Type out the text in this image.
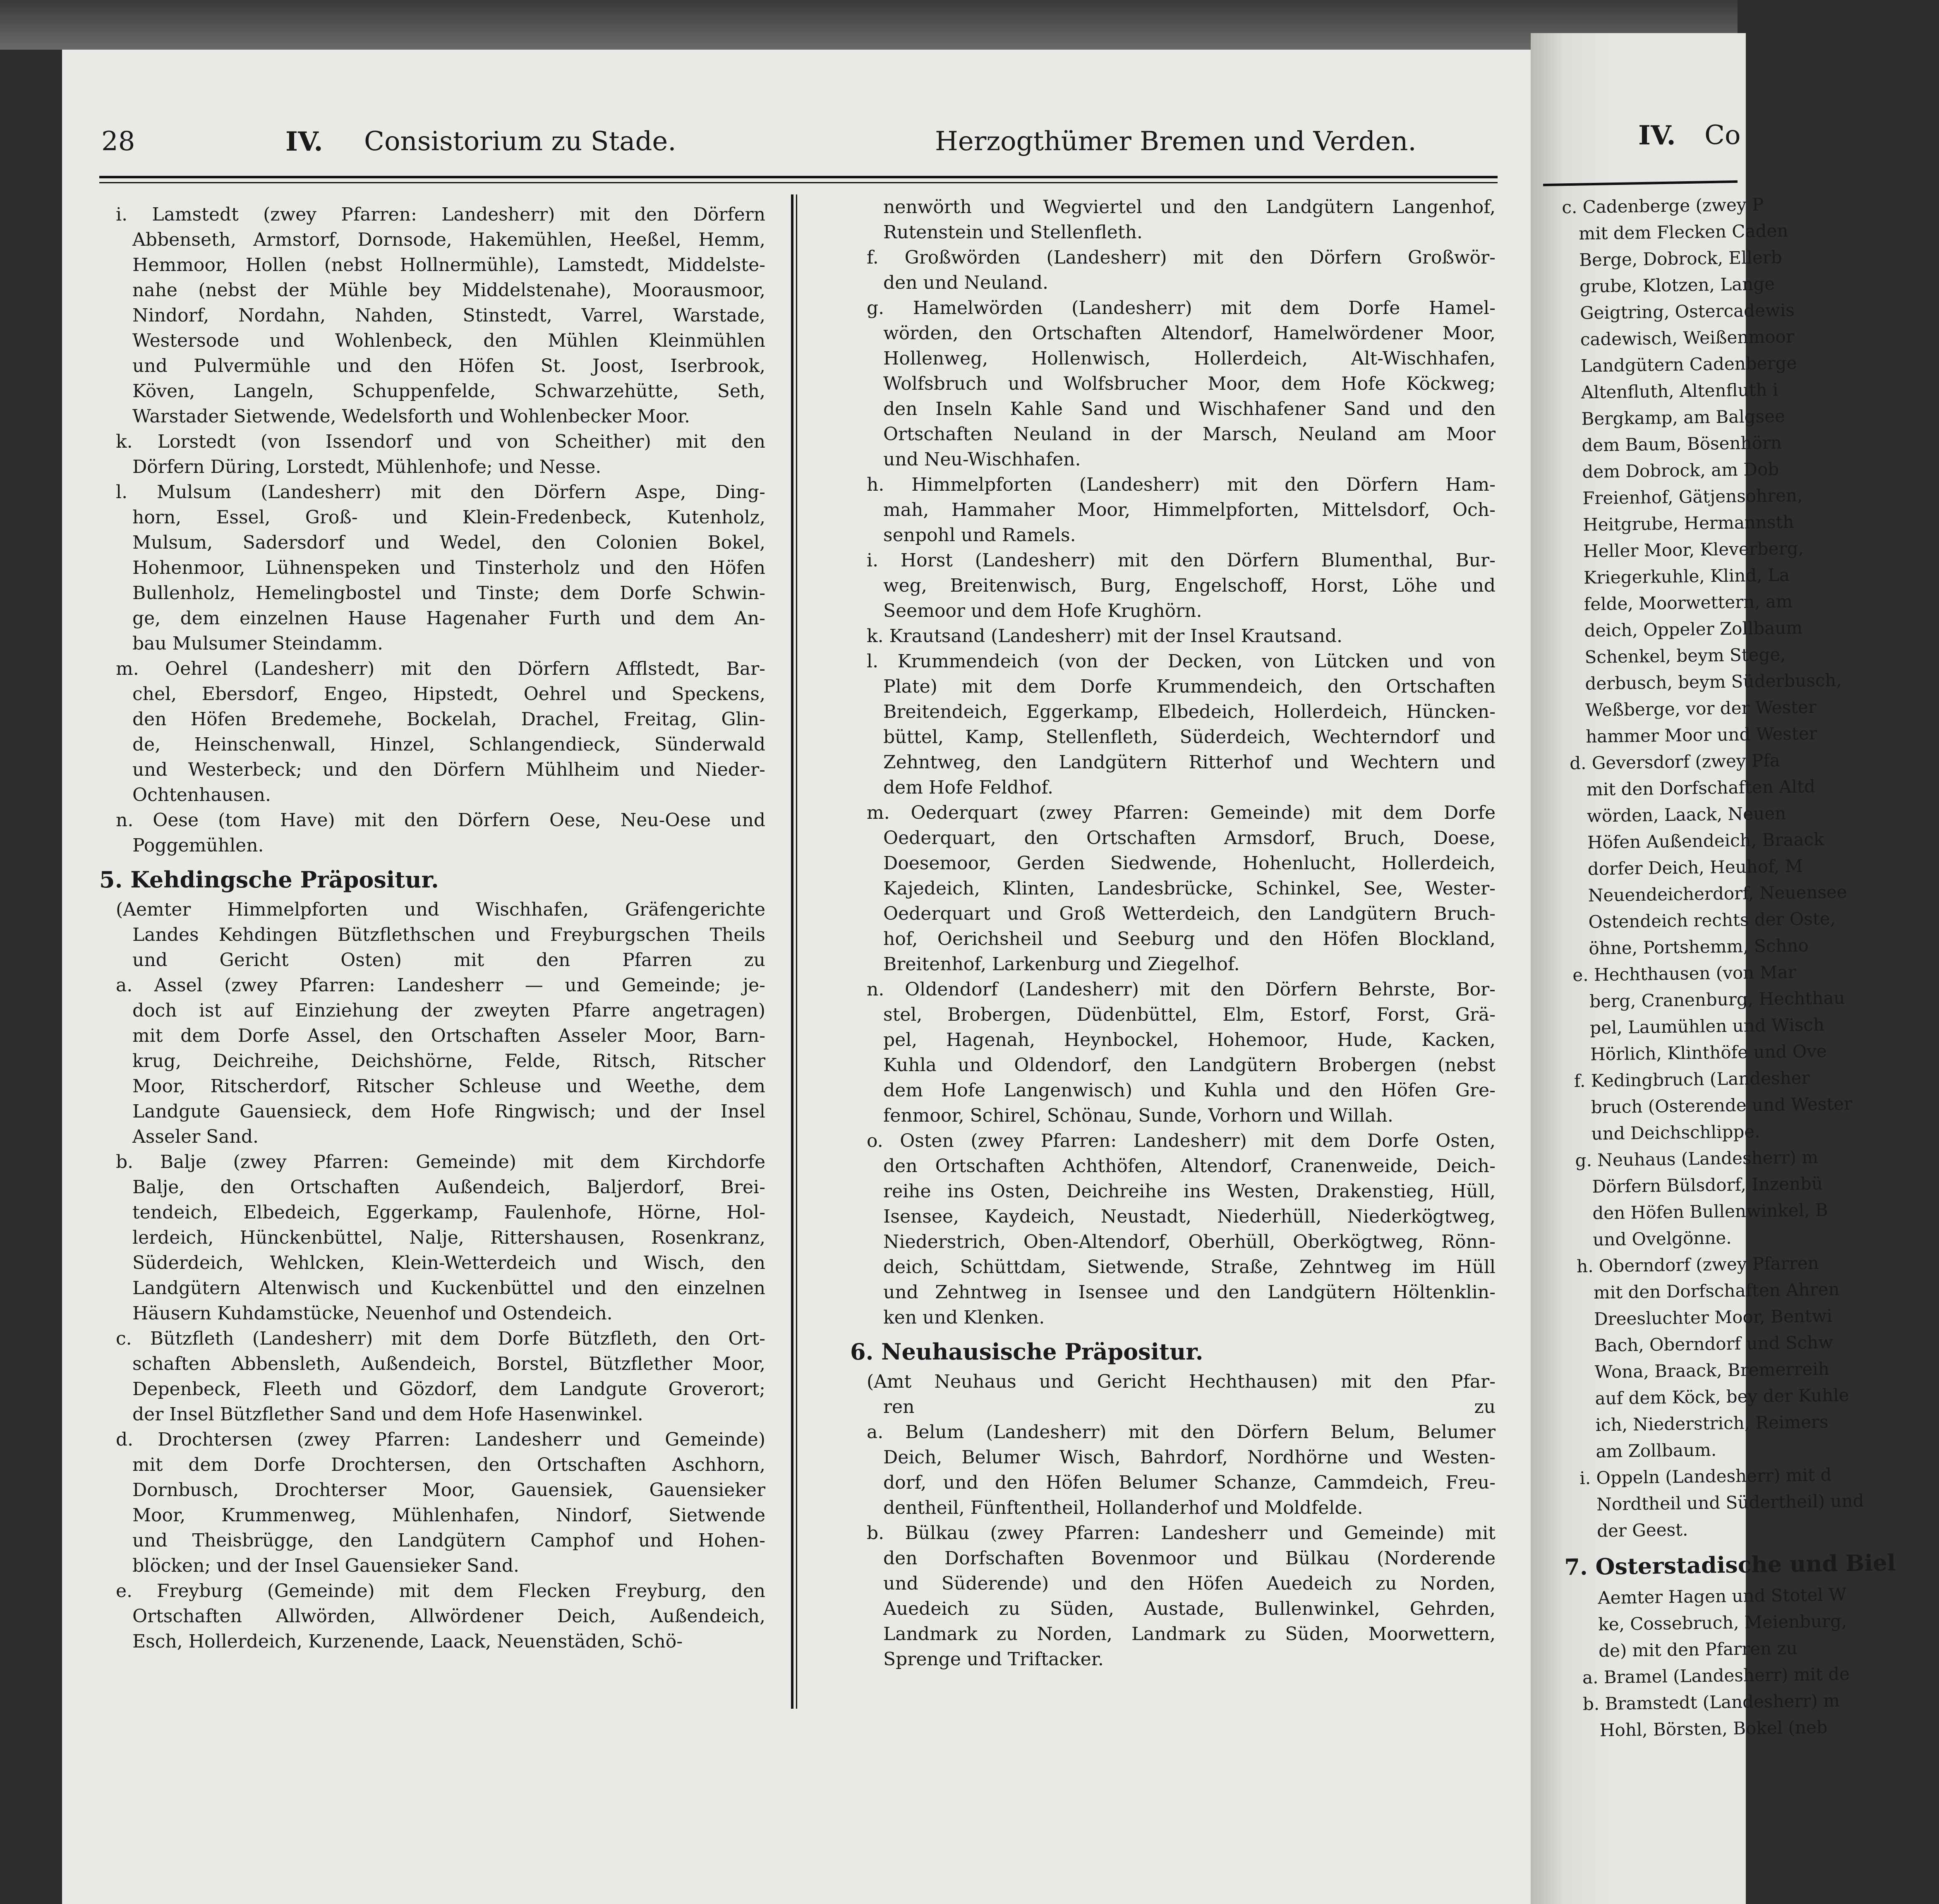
28	IV. Consistorium zu Stade.	Herzogthümer Bremen und Verden.	IV. Co
i. Lamstedt (zwey Pfarren: Landesherr) mit den Dörfern
Abbenseth, Armstorf, Dornsode, Hakemühlen, Heeßel, Hemm,
Hemmoor, Hollen (nebst Hollnermühle), Lamstedt, Middelste-
nahe (nebst der Mühle bey Middelstenahe), Moorausmoor,
Nindorf, Nordahn, Nahden, Stinstedt, Varrel, Warstade,
Westersode und Wohlenbeck, den Mühlen Kleinmühlen
und Pulvermühle und den Höfen St. Joost, Iserbrook,
Köven, Langeln, Schuppenfelde, Schwarzehütte, Seth,
Warstader Sietwende, Wedelsforth und Wohlenbecker Moor.
k. Lorstedt (von Issendorf und von Scheither) mit den
Dörfern Düring, Lorstedt, Mühlenhofe; und Nesse.
l. Mulsum (Landesherr) mit den Dörfern Aspe, Ding-
horn, Essel, Groß- und Klein-Fredenbeck, Kutenholz,
Mulsum, Sadersdorf und Wedel, den Colonien Bokel,
Hohenmoor, Lühnenspeken und Tinsterholz und den Höfen
Bullenholz, Hemelingbostel und Tinste; dem Dorfe Schwin-
ge, dem einzelnen Hause Hagenaher Furth und dem An-
bau Mulsumer Steindamm.
m. Oehrel (Landesherr) mit den Dörfern Afflstedt, Bar-
chel, Ebersdorf, Engeo, Hipstedt, Oehrel und Speckens,
den Höfen Bredemehe, Bockelah, Drachel, Freitag, Glin-
de, Heinschenwall, Hinzel, Schlangendieck, Sünderwald
und Westerbeck; und den Dörfern Mühlheim und Nieder-
Ochtenhausen.
n. Oese (tom Have) mit den Dörfern Oese, Neu-Oese und
Poggemühlen.
5. Kehdingsche Präpositur.
(Aemter Himmelpforten und Wischhafen, Gräfengerichte
Landes Kehdingen Bützflethschen und Freyburgschen Theils
und Gericht Osten) mit den Pfarren zu
a. Assel (zwey Pfarren: Landesherr — und Gemeinde; je-
doch ist auf Einziehung der zweyten Pfarre angetragen)
mit dem Dorfe Assel, den Ortschaften Asseler Moor, Barn-
krug, Deichreihe, Deichshörne, Felde, Ritsch, Ritscher
Moor, Ritscherdorf, Ritscher Schleuse und Weethe, dem
Landgute Gauensieck, dem Hofe Ringwisch; und der Insel
Asseler Sand.
b. Balje (zwey Pfarren: Gemeinde) mit dem Kirchdorfe
Balje, den Ortschaften Außendeich, Baljerdorf, Brei-
tendeich, Elbedeich, Eggerkamp, Faulenhofe, Hörne, Hol-
lerdeich, Hünckenbüttel, Nalje, Rittershausen, Rosenkranz,
Süderdeich, Wehlcken, Klein-Wetterdeich und Wisch, den
Landgütern Altenwisch und Kuckenbüttel und den einzelnen
Häusern Kuhdamstücke, Neuenhof und Ostendeich.
c. Bützfleth (Landesherr) mit dem Dorfe Bützfleth, den Ort-
schaften Abbensleth, Außendeich, Borstel, Bützflether Moor,
Depenbeck, Fleeth und Gözdorf, dem Landgute Groverort;
der Insel Bützflether Sand und dem Hofe Hasenwinkel.
d. Drochtersen (zwey Pfarren: Landesherr und Gemeinde)
mit dem Dorfe Drochtersen, den Ortschaften Aschhorn,
Dornbusch, Drochterser Moor, Gauensiek, Gauensieker
Moor, Krummenweg, Mühlenhafen, Nindorf, Sietwende
und Theisbrügge, den Landgütern Camphof und Hohen-
blöcken; und der Insel Gauensieker Sand.
e. Freyburg (Gemeinde) mit dem Flecken Freyburg, den
Ortschaften Allwörden, Allwördener Deich, Außendeich,
Esch, Hollerdeich, Kurzenende, Laack, Neuenstäden, Schö-
nenwörth und Wegviertel und den Landgütern Langenhof,
Rutenstein und Stellenfleth.
f. Großwörden (Landesherr) mit den Dörfern Großwör-
den und Neuland.
g. Hamelwörden (Landesherr) mit dem Dorfe Hamel-
wörden, den Ortschaften Altendorf, Hamelwördener Moor,
Hollenweg, Hollenwisch, Hollerdeich, Alt-Wischhafen,
Wolfsbruch und Wolfsbrucher Moor, dem Hofe Köckweg;
den Inseln Kahle Sand und Wischhafener Sand und den
Ortschaften Neuland in der Marsch, Neuland am Moor
und Neu-Wischhafen.
h. Himmelpforten (Landesherr) mit den Dörfern Ham-
mah, Hammaher Moor, Himmelpforten, Mittelsdorf, Och-
senpohl und Ramels.
i. Horst (Landesherr) mit den Dörfern Blumenthal, Bur-
weg, Breitenwisch, Burg, Engelschoff, Horst, Löhe und
Seemoor und dem Hofe Krughörn.
k. Krautsand (Landesherr) mit der Insel Krautsand.
l. Krummendeich (von der Decken, von Lütcken und von
Plate) mit dem Dorfe Krummendeich, den Ortschaften
Breitendeich, Eggerkamp, Elbedeich, Hollerdeich, Hüncken-
büttel, Kamp, Stellenfleth, Süderdeich, Wechterndorf und
Zehntweg, den Landgütern Ritterhof und Wechtern und
dem Hofe Feldhof.
m. Oederquart (zwey Pfarren: Gemeinde) mit dem Dorfe
Oederquart, den Ortschaften Armsdorf, Bruch, Doese,
Doesemoor, Gerden Siedwende, Hohenlucht, Hollerdeich,
Kajedeich, Klinten, Landesbrücke, Schinkel, See, Wester-
Oederquart und Groß Wetterdeich, den Landgütern Bruch-
hof, Oerichsheil und Seeburg und den Höfen Blockland,
Breitenhof, Larkenburg und Ziegelhof.
n. Oldendorf (Landesherr) mit den Dörfern Behrste, Bor-
stel, Brobergen, Düdenbüttel, Elm, Estorf, Forst, Grä-
pel, Hagenah, Heynbockel, Hohemoor, Hude, Kacken,
Kuhla und Oldendorf, den Landgütern Brobergen (nebst
dem Hofe Langenwisch) und Kuhla und den Höfen Gre-
fenmoor, Schirel, Schönau, Sunde, Vorhorn und Willah.
o. Osten (zwey Pfarren: Landesherr) mit dem Dorfe Osten,
den Ortschaften Achthöfen, Altendorf, Cranenweide, Deich-
reihe ins Osten, Deichreihe ins Westen, Drakenstieg, Hüll,
Isensee, Kaydeich, Neustadt, Niederhüll, Niederkögtweg,
Niederstrich, Oben-Altendorf, Oberhüll, Oberkögtweg, Rönn-
deich, Schüttdam, Sietwende, Straße, Zehntweg im Hüll
und Zehntweg in Isensee und den Landgütern Höltenklin-
ken und Klenken.
6. Neuhausische Präpositur.
(Amt Neuhaus und Gericht Hechthausen) mit den Pfar-
ren zu
a. Belum (Landesherr) mit den Dörfern Belum, Belumer
Deich, Belumer Wisch, Bahrdorf, Nordhörne und Westen-
dorf, und den Höfen Belumer Schanze, Cammdeich, Freu-
dentheil, Fünftentheil, Hollanderhof und Moldfelde.
b. Bülkau (zwey Pfarren: Landesherr und Gemeinde) mit
den Dorfschaften Bovenmoor und Bülkau (Norderende
und Süderende) und den Höfen Auedeich zu Norden,
Auedeich zu Süden, Austade, Bullenwinkel, Gehrden,
Landmark zu Norden, Landmark zu Süden, Moorwettern,
Sprenge und Triftacker.
c. Cadenberge (zwey P
mit dem Flecken Caden
Berge, Dobrock, Ellerb
grube, Klotzen, Lange
Geigtring, Ostercadewis
cadewisch, Weißenmoor
Landgütern Cadenberge
Altenfluth, Altenfluth i
Bergkamp, am Balgsee
dem Baum, Bösenhörn
dem Dobrock, am Dob
Freienhof, Gätjensohren,
Heitgrube, Hermannsth
Heller Moor, Kleverberg,
Kriegerkuhle, Klind, La
felde, Moorwettern, am
deich, Oppeler Zollbaum
Schenkel, beym Stege,
derbusch, beym Süderbusch,
Weßberge, vor der Wester
hammer Moor und Wester
d. Geversdorf (zwey Pfa
mit den Dorfschaften Altd
wörden, Laack, Neuen
Höfen Außendeich, Braack
dorfer Deich, Heuhof, M
Neuendeicherdorf, Neuensee
Ostendeich rechts der Oste,
öhne, Portshemm, Schno
e. Hechthausen (von Mar
berg, Cranenburg, Hechthau
pel, Laumühlen und Wisch
Hörlich, Klinthöfe und Ove
f. Kedingbruch (Landesher
bruch (Osterende und Wester
und Deichschlippe.
g. Neuhaus (Landesherr) m
Dörfern Bülsdorf, Inzenbü
den Höfen Bullenwinkel, B
und Ovelgönne.
h. Oberndorf (zwey Pfarren
mit den Dorfschaften Ahren
Dreesluchter Moor, Bentwi
Bach, Oberndorf und Schw
Wona, Braack, Bremerreih
auf dem Köck, bey der Kuhle
ich, Niederstrich, Reimers
am Zollbaum.
i. Oppeln (Landesherr) mit d
Nordtheil und Südertheil) und
der Geest.
7. Osterstadische und Biel
Aemter Hagen und Stotel W
ke, Cossebruch, Meienburg,
de) mit den Pfarren zu
a. Bramel (Landesherr) mit de
b. Bramstedt (Landesherr) m
Hohl, Börsten, Bokel (neb
